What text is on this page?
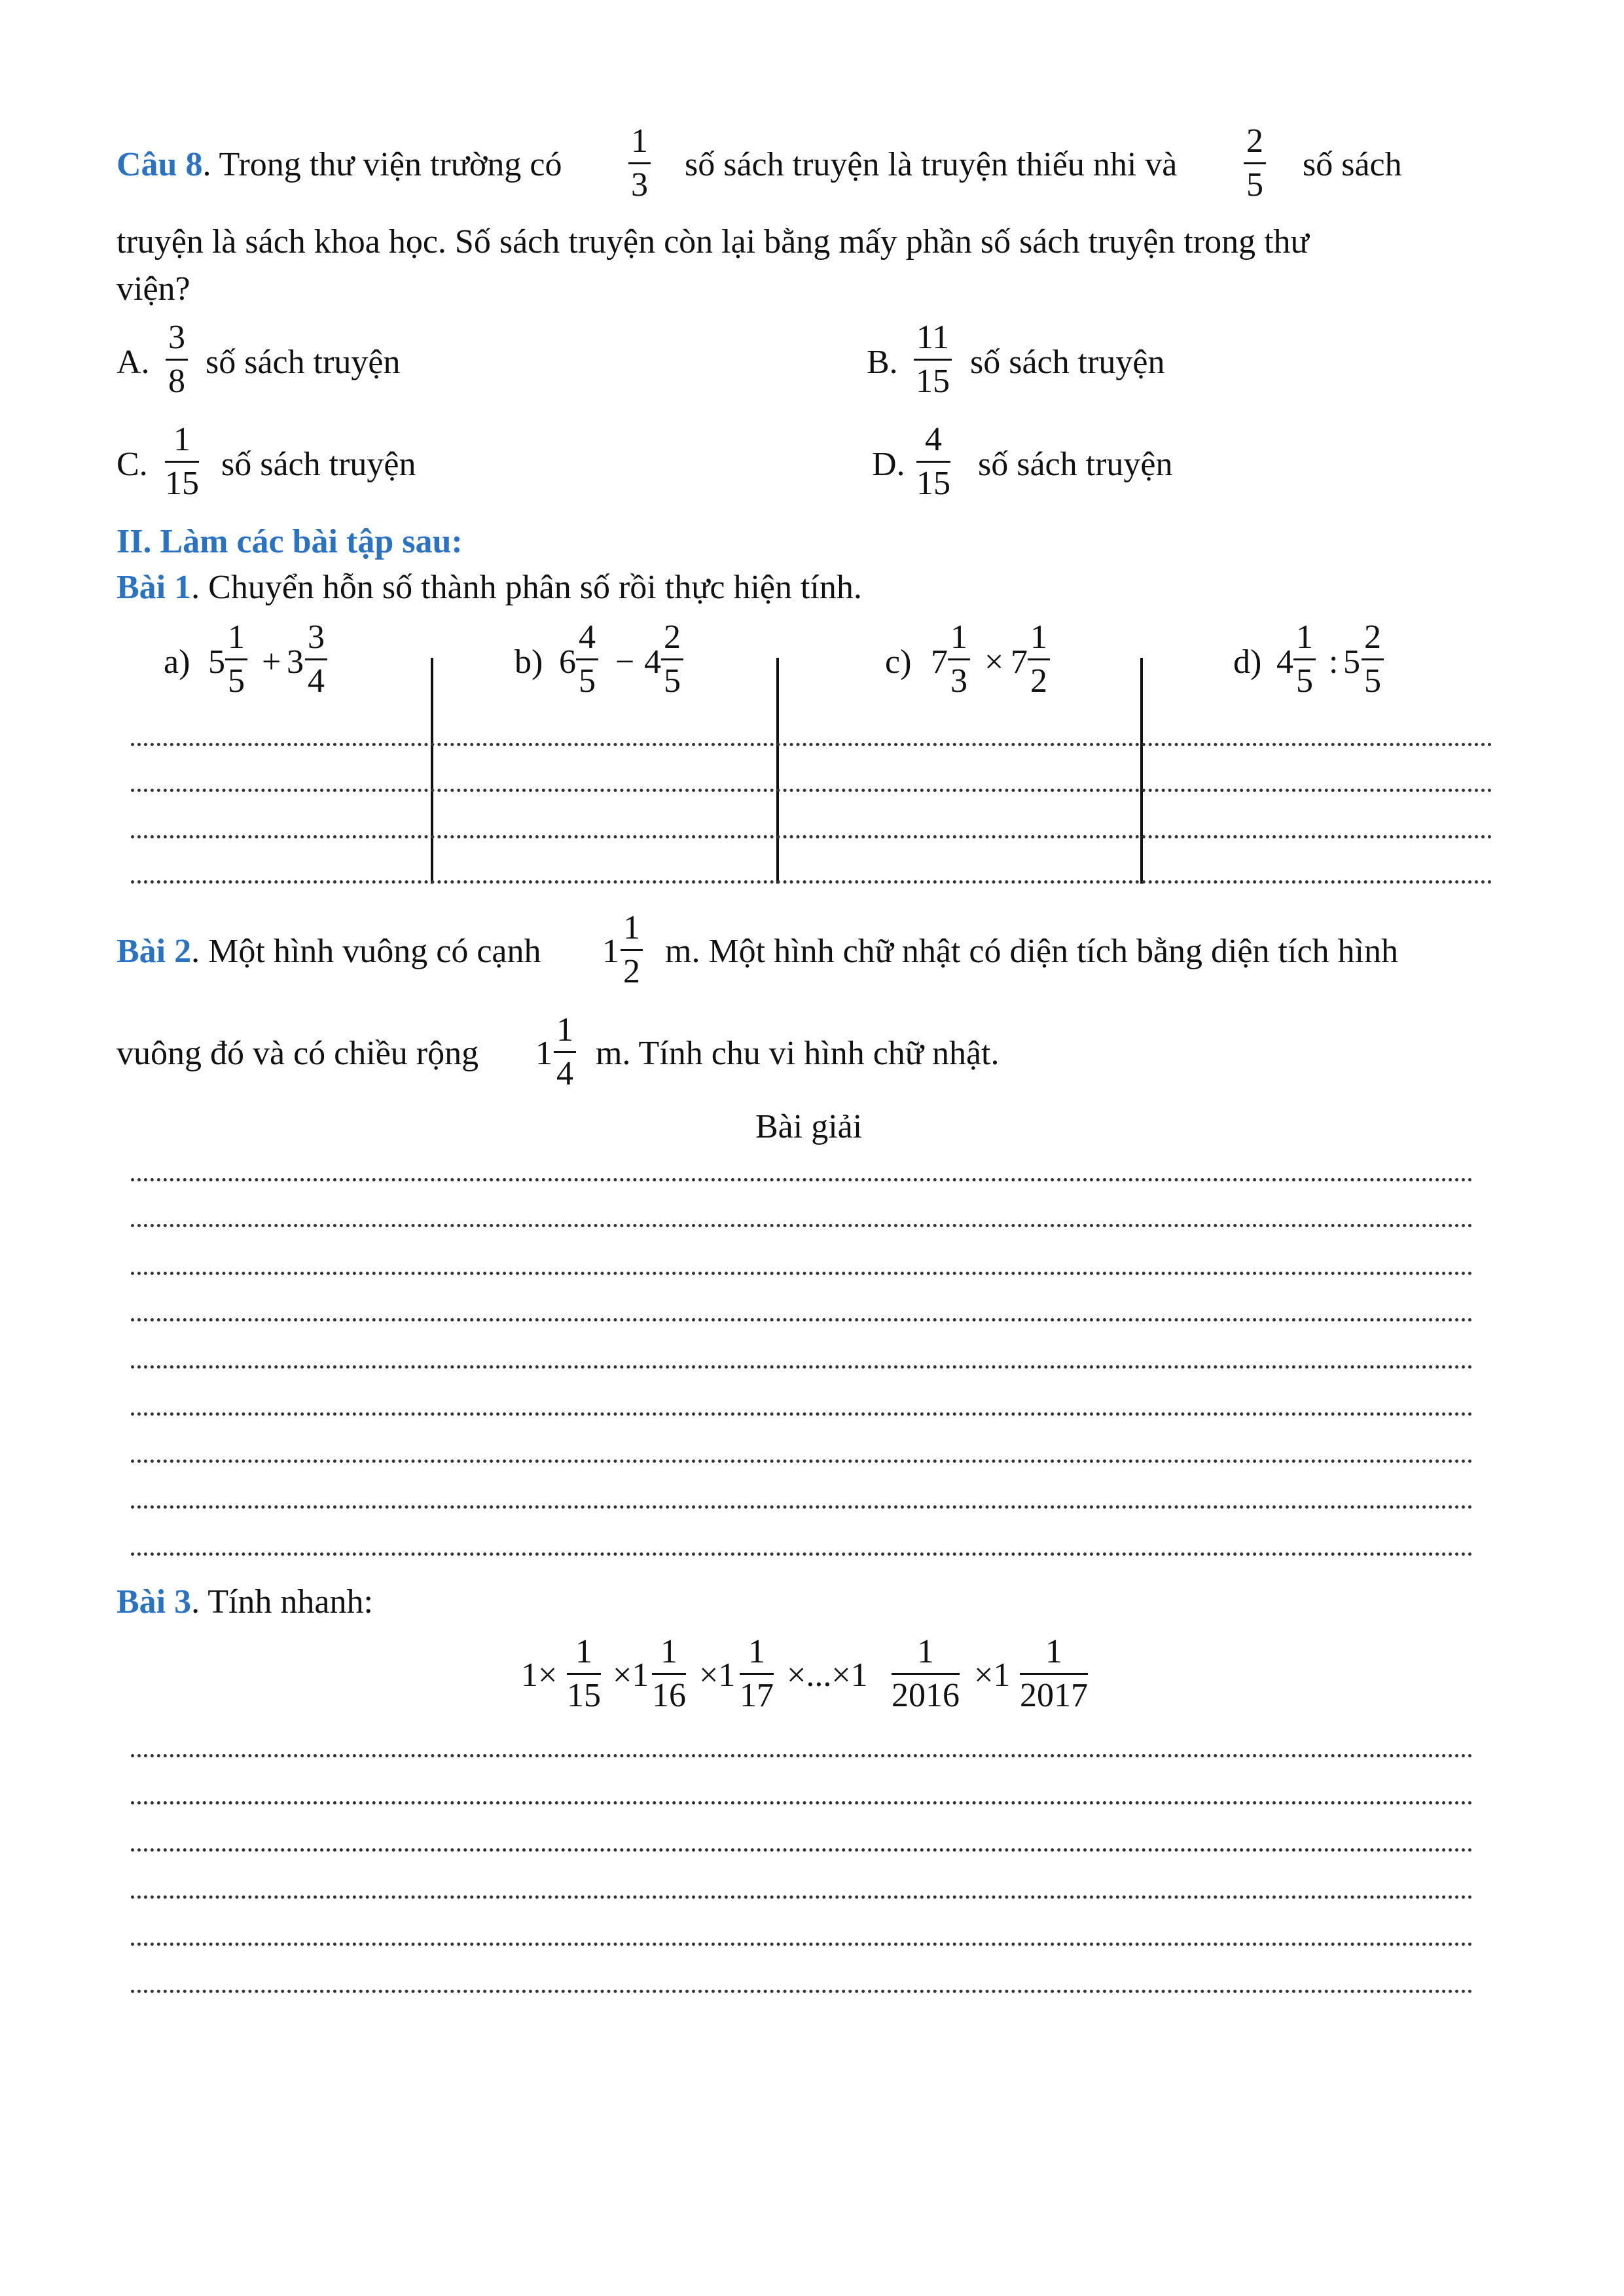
Câu 8. Trong thư viện trường có $\frac{1}{3}$ số sách truyện là truyện thiếu nhi và $\frac{2}{5}$ số sách
truyện là sách khoa học. Số sách truyện còn lại bằng mấy phần số sách truyện trong thư
viện?
A. $\frac{3}{8}$ số sách truyện	B. $\frac{11}{15}$ số sách truyện
C. $\frac{1}{15}$ số sách truyện	D. $\frac{4}{15}$ số sách truyện
II. Làm các bài tập sau:
Bài 1. Chuyển hỗn số thành phân số rồi thực hiện tính.
a) $5 \frac{1}{5} + 3 \frac{3}{4}$	b) $6 \frac{4}{5} - 4 \frac{2}{5}$	c) $7 \frac{1}{3} \times 7 \frac{1}{2}$	d) $4 \frac{1}{5}$ : $5 \frac{2}{5}$
Bài 2. Một hình vuông có cạnh $1 \frac{1}{2} m$. Một hình chữ nhật có diện tích bằng diện tích hình
vuông đó và có chiều rộng $1 \frac{1}{4} m$. Tính chu vi hình chữ nhật.
Bài giải
Bài 3. Tính nhanh:
$1\times \frac{1}{15} \times 1 \frac{1}{16} \times 1 \frac{1}{17} \times...\times 1 \frac{1}{2016} \times 1 \frac{1}{2017}$
